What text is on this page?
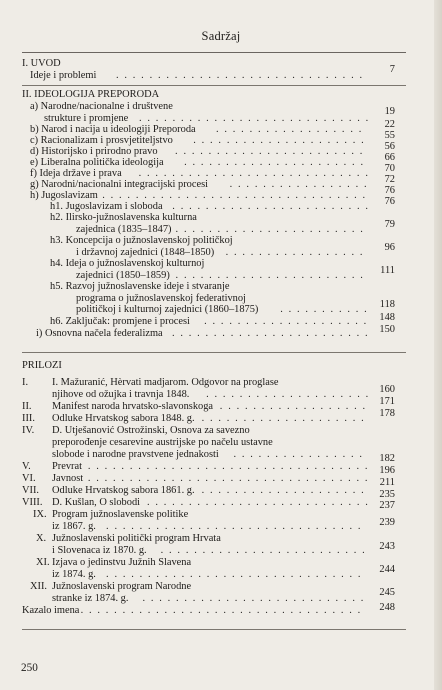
Sadržaj
I. UVOD
Ideje i problemi . . . . . . . . . . . . . . . . . . . . . . . . . . . . . .
7
II. IDEOLOGIJA PREPORODA
a) Narodne/nacionalne i društvene
strukture i promjene . . . . . . . . . . . . . . . . . . . . . . . . . . . .
19
b) Narod i nacija u ideologiji Preporoda . . . . . . . . . . . . . . . . . .	22
c) Racionalizam i prosvjetiteljstvo . . . . . . . . . . . . . . . . . . . . .	55
d) Historijsko i prirodno pravo . . . . . . . . . . . . . . . . . . . . . . .	56
e) Liberalna politička ideologija . . . . . . . . . . . . . . . . . . . . . .	66
f) Ideja države i prava . . . . . . . . . . . . . . . . . . . . . . . . . . . .	70
g) Narodni/nacionalni integracijski procesi . . . . . . . . . . . . . . . . .	72
h) Jugoslavizam . . . . . . . . . . . . . . . . . . . . . . . . . . . . . . . .	76
h1. Jugoslavizam i sloboda . . . . . . . . . . . . . . . . . . . . . . . .	76
h2. Ilirsko-južnoslavenska kulturna
zajednica (1835–1847) . . . . . . . . . . . . . . . . . . . . . . .	79
h3. Koncepcija o južnoslavenskoj političkoj
i državnoj zajednici (1848–1850) . . . . . . . . . . . . . . . . .	96
h4. Ideja o južnoslavenskoj kulturnoj
zajednici (1850–1859) . . . . . . . . . . . . . . . . . . . . . . .	111
h5. Razvoj južnoslavenske ideje i stvaranje
programa o južnoslavenskoj federativnoj
političkoj i kulturnoj zajednici (1860–1875) . . . . . . . . . . .	118
h6. Zaključak: promjene i procesi . . . . . . . . . . . . . . . . . . . .	148
i) Osnovna načela federalizma . . . . . . . . . . . . . . . . . . . . . . . . 150
PRILOZI
I. I. Mažuranić, Hèrvati madjarom. Odgovor na proglase
njihove od ožujka i travnja 1848. . . . . . . . . . . . . . . . . . . . . 160
II. Manifest naroda hrvatsko-slavonskoga . . . . . . . . . . . . . . . . . .	171
III. Odluke Hrvatskog sabora 1848. g. . . . . . . . . . . . . . . . . . . . .	178
IV. D. Utješanović Ostrožinski, Osnova za savezno
preporođenje cesarevine austrijske po načelu ustavne
slobode i narodne pravstvene jednakosti . . . . . . . . . . . . . . . .	182
V. Prevrat . . . . . . . . . . . . . . . . . . . . . . . . . . . . . . . . . . 196
VI. Javnost . . . . . . . . . . . . . . . . . . . . . . . . . . . . . . . . . .	211
VII. Odluke Hrvatskog sabora 1861. g. . . . . . . . . . . . . . . . . . . . .	235
VIII. D. Kušlan, O slobodi . . . . . . . . . . . . . . . . . . . . . . . . . . . 237
IX. Program južnoslavenske politike
iz 1867. g. . . . . . . . . . . . . . . . . . . . . . . . . . . . . . . .	239
X. Južnoslavenski politički program Hrvata
i Slovenaca iz 1870. g. . . . . . . . . . . . . . . . . . . . . . . . . .	243
XI. Izjava o jedinstvu Južnih Slavena
iz 1874. g. . . . . . . . . . . . . . . . . . . . . . . . . . . . . . . .	244
XII. Južnoslavenski program Narodne
stranke iz 1874. g. . . . . . . . . . . . . . . . . . . . . . . . . . . .
245
Kazalo imena . . . . . . . . . . . . . . . . . . . . . . . . . . . . . . . . . .	248
250
